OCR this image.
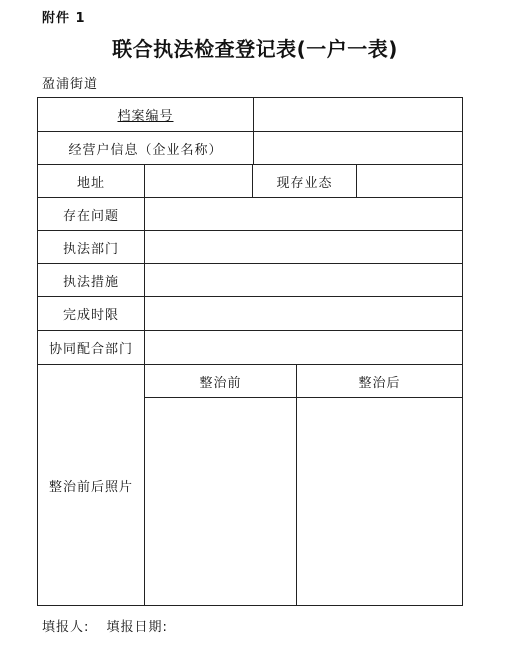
附件 1
联合执法检查登记表(一户一表)
盈浦街道
档案编号
经营户信息（企业名称）
地址	现存业态
存在问题
执法部门
执法措施
完成时限
协同配合部门
整治前后照片
整治前	整治后
填报人: 填报日期:
